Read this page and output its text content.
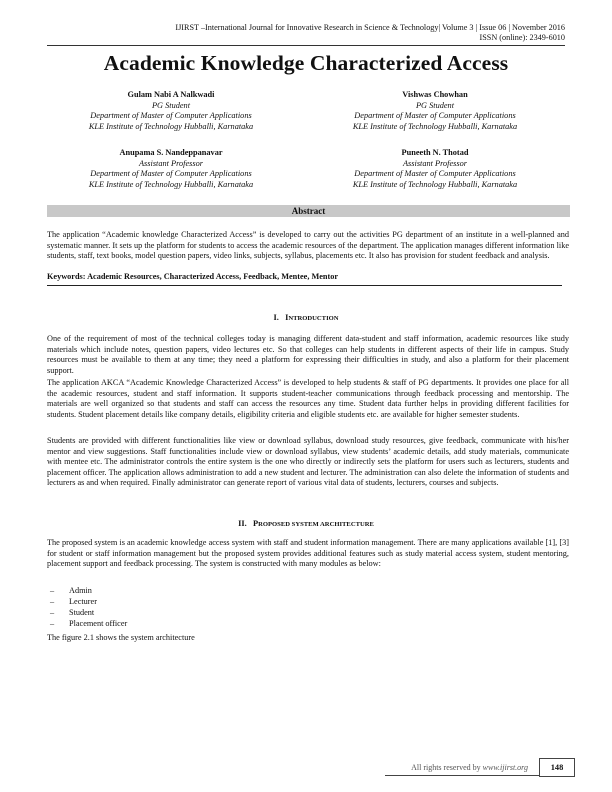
IJIRST –International Journal for Innovative Research in Science & Technology| Volume 3 | Issue 06 | November 2016
ISSN (online): 2349-6010
Academic Knowledge Characterized Access
Gulam Nabi A Nalkwadi
PG Student
Department of Master of Computer Applications
KLE Institute of Technology Hubballi, Karnataka
Vishwas Chowhan
PG Student
Department of Master of Computer Applications
KLE Institute of Technology Hubballi, Karnataka
Anupama S. Nandeppanavar
Assistant Professor
Department of Master of Computer Applications
KLE Institute of Technology Hubballi, Karnataka
Puneeth N. Thotad
Assistant Professor
Department of Master of Computer Applications
KLE Institute of Technology Hubballi, Karnataka
Abstract

The application “Academic knowledge Characterized Access” is developed to carry out the activities PG department of an institute in a well-planned and systematic manner. It sets up the platform for students to access the academic resources of the department. The application manages different information like students, staff, text books, model question papers, video links, subjects, syllabus, placements etc. It also has provision for student feedback and analysis.

Keywords: Academic Resources, Characterized Access, Feedback, Mentee, Mentor
I. INTRODUCTION

One of the requirement of most of the technical colleges today is managing different data-student and staff information, academic resources like study materials which include notes, question papers, video lectures etc. So that colleges can help students in different aspects of their life in campus. Study resources must be available to them at any time; they need a platform for expressing their difficulties in study, and also a platform for their placement support.

The application AKCA “Academic Knowledge Characterized Access” is developed to help students & staff of PG departments. It provides one place for all the academic resources, student and staff information. It supports student-teacher communications through feedback processing and mentorship. The materials are well organized so that students and staff can access the resources any time. Student data further helps in providing different facilities for students. Student placement details like company details, eligibility criteria and eligible students etc. are available for higher semester students.

Students are provided with different functionalities like view or download syllabus, download study resources, give feedback, communicate with his/her mentor and view suggestions. Staff functionalities include view or download syllabus, view students’ academic details, add study materials, communicate with mentee etc. The administrator controls the entire system is the one who directly or indirectly sets the platform for users such as lecturers, students and placement officer. The application allows administration to add a new student and lecturer. The administration can also delete the information of students and lecturers as and when required. Finally administrator can generate report of various vital data of students, lecturers, courses and subjects.

II. PROPOSED SYSTEM ARCHITECTURE

The proposed system is an academic knowledge access system with staff and student information management. There are many applications available [1], [3] for student or staff information management but the proposed system provides additional features such as study material access system, student mentoring, placement support and feedback processing. The system is constructed with many modules as below:

– Admin
– Lecturer
– Student
– Placement officer
The figure 2.1 shows the system architecture
All rights reserved by www.ijirst.org	148
